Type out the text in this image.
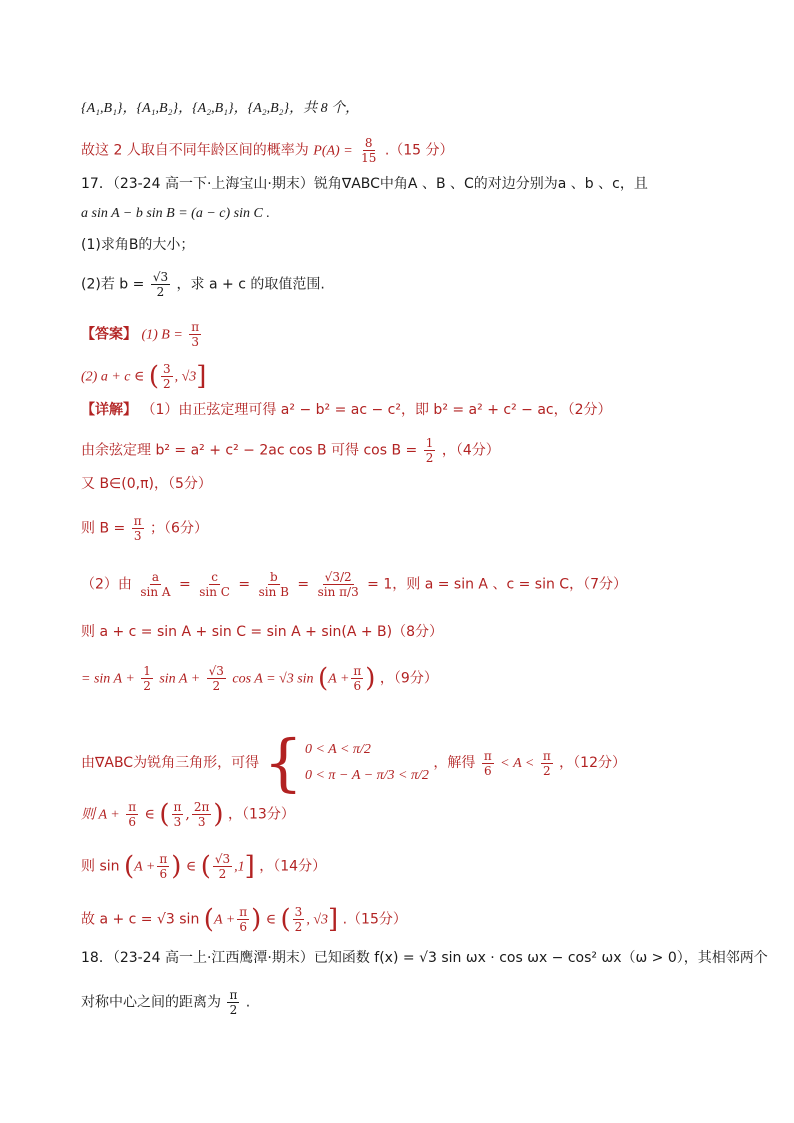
{A₁,B₁}，{A₁,B₂}，{A₂,B₁}，{A₂,B₂}，共 8 个，
故这 2 人取自不同年龄区间的概率为 $P(A) = \frac{8}{15} .(15$ 分）
17．（23-24 高一下·上海宝山·期末）锐角∇ABC中角A 、B 、C的对边分别为a 、b 、c，且
a sin A − b sin B = (a − c) sin C .
(1)求角B的大小；
(2)若 $b = \frac{√3}{2}$ ，求 a + c 的取值范围.
【答案】 (1) $B = \frac{\pi}{3}$
(2) a + c ∈ ( $\frac{3}{2}$ , √3]
【详解】 （1）由正弦定理可得 a² − b² = ac − c²，即 b² = a² + c² − ac，（2分）
由余弦定理 b² = a² + c² − 2ac cos B 可得 $\cos B = \frac{1}{2}$ ，（4分）
又 B∈(0,π)，（5分）
则 $B = \frac{\pi}{3}$ ；（6分）
（2）由 $\frac{a}{\text{sin A}} = \frac{c}{\text{sin C}} = \frac{b}{\text{sin B}} = \frac{√3/2}{\text{sin π/3}} = 1$，则 a = sin A 、c = sin C，（7分）
则 a + c = sin A + sin C = sin A + sin(A + B)（8分）
= $\sin A + \frac{1}{2}$ $\sin A + \frac{√3}{2}$ cos A = √3 $\sin (A + \frac{\pi}{6}$ ) ，（9分）
由∇ABC为锐角三角形，可得 { 0 < A < π/2
0 < π − A − π/3 < π/2
，解得 $\frac{\pi}{6} < A < \frac{\pi}{2}$ ，（12分）
则 $A + \frac{\pi}{6}$ ∈ ( $\frac{\pi}{3}$ , $\frac{2\pi}{3}$ ) ，（13分）
则 $\sin (A + \frac{\pi}{6}$ ) ∈ ( $\frac{√3}{2} ,1$] ，（14分）
故 a + c = √3 $\sin (A + \frac{\pi}{6}$ ) ∈ ( $\frac{3}{2}$ , √3] .（15分）
18．（23-24 高一上·江西鹰潭·期末）已知函数 f(x) = √3 sin ωx · cos ωx − cos² ωx（ω > 0），其相邻两个
对称中心之间的距离为 $\frac{\pi}{2}$ .
